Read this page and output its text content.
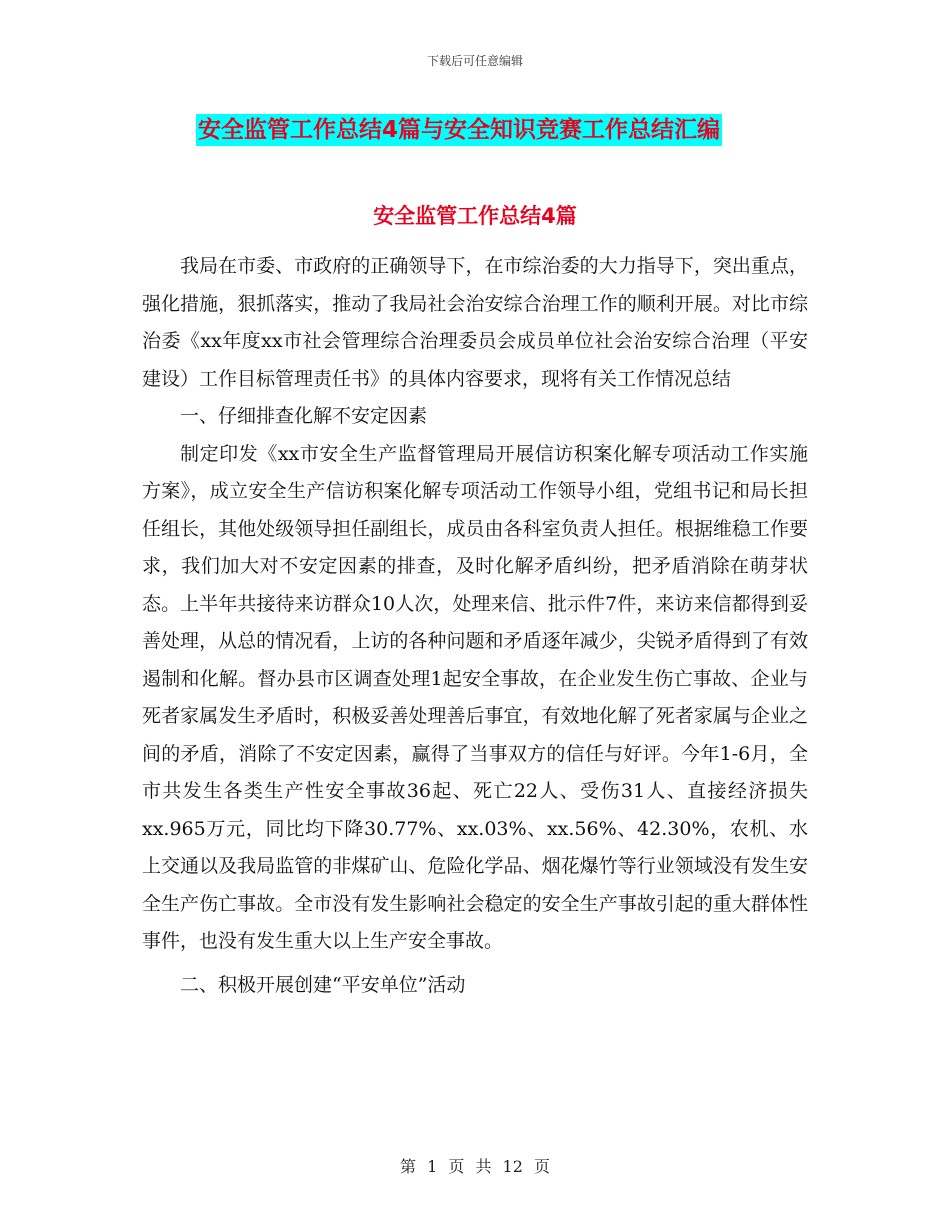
下载后可任意编辑
安全监管工作总结4篇与安全知识竞赛工作总结汇编
安全监管工作总结4篇

我局在市委、市政府的正确领导下，在市综治委的大力指导下，突出重点，强化措施，狠抓落实，推动了我局社会治安综合治理工作的顺利开展。对比市综治委《xx年度xx市社会管理综合治理委员会成员单位社会治安综合治理（平安建设）工作目标管理责任书》的具体内容要求，现将有关工作情况总结

一、仔细排查化解不安定因素

制定印发《xx市安全生产监督管理局开展信访积案化解专项活动工作实施方案》，成立安全生产信访积案化解专项活动工作领导小组，党组书记和局长担任组长，其他处级领导担任副组长，成员由各科室负责人担任。根据维稳工作要求，我们加大对不安定因素的排查，及时化解矛盾纠纷，把矛盾消除在萌芽状态。上半年共接待来访群众10人次，处理来信、批示件7件，来访来信都得到妥善处理，从总的情况看，上访的各种问题和矛盾逐年减少，尖锐矛盾得到了有效遏制和化解。督办县市区调查处理1起安全事故，在企业发生伤亡事故、企业与死者家属发生矛盾时，积极妥善处理善后事宜，有效地化解了死者家属与企业之间的矛盾，消除了不安定因素，赢得了当事双方的信任与好评。今年1-6月，全市共发生各类生产性安全事故36起、死亡22人、受伤31人、直接经济损失xx.965万元，同比均下降30.77%、xx.03%、xx.56%、42.30%，农机、水上交通以及我局监管的非煤矿山、危险化学品、烟花爆竹等行业领域没有发生安全生产伤亡事故。全市没有发生影响社会稳定的安全生产事故引起的重大群体性事件，也没有发生重大以上生产安全事故。

二、积极开展创建“平安单位”活动

第 1 页 共 12 页
